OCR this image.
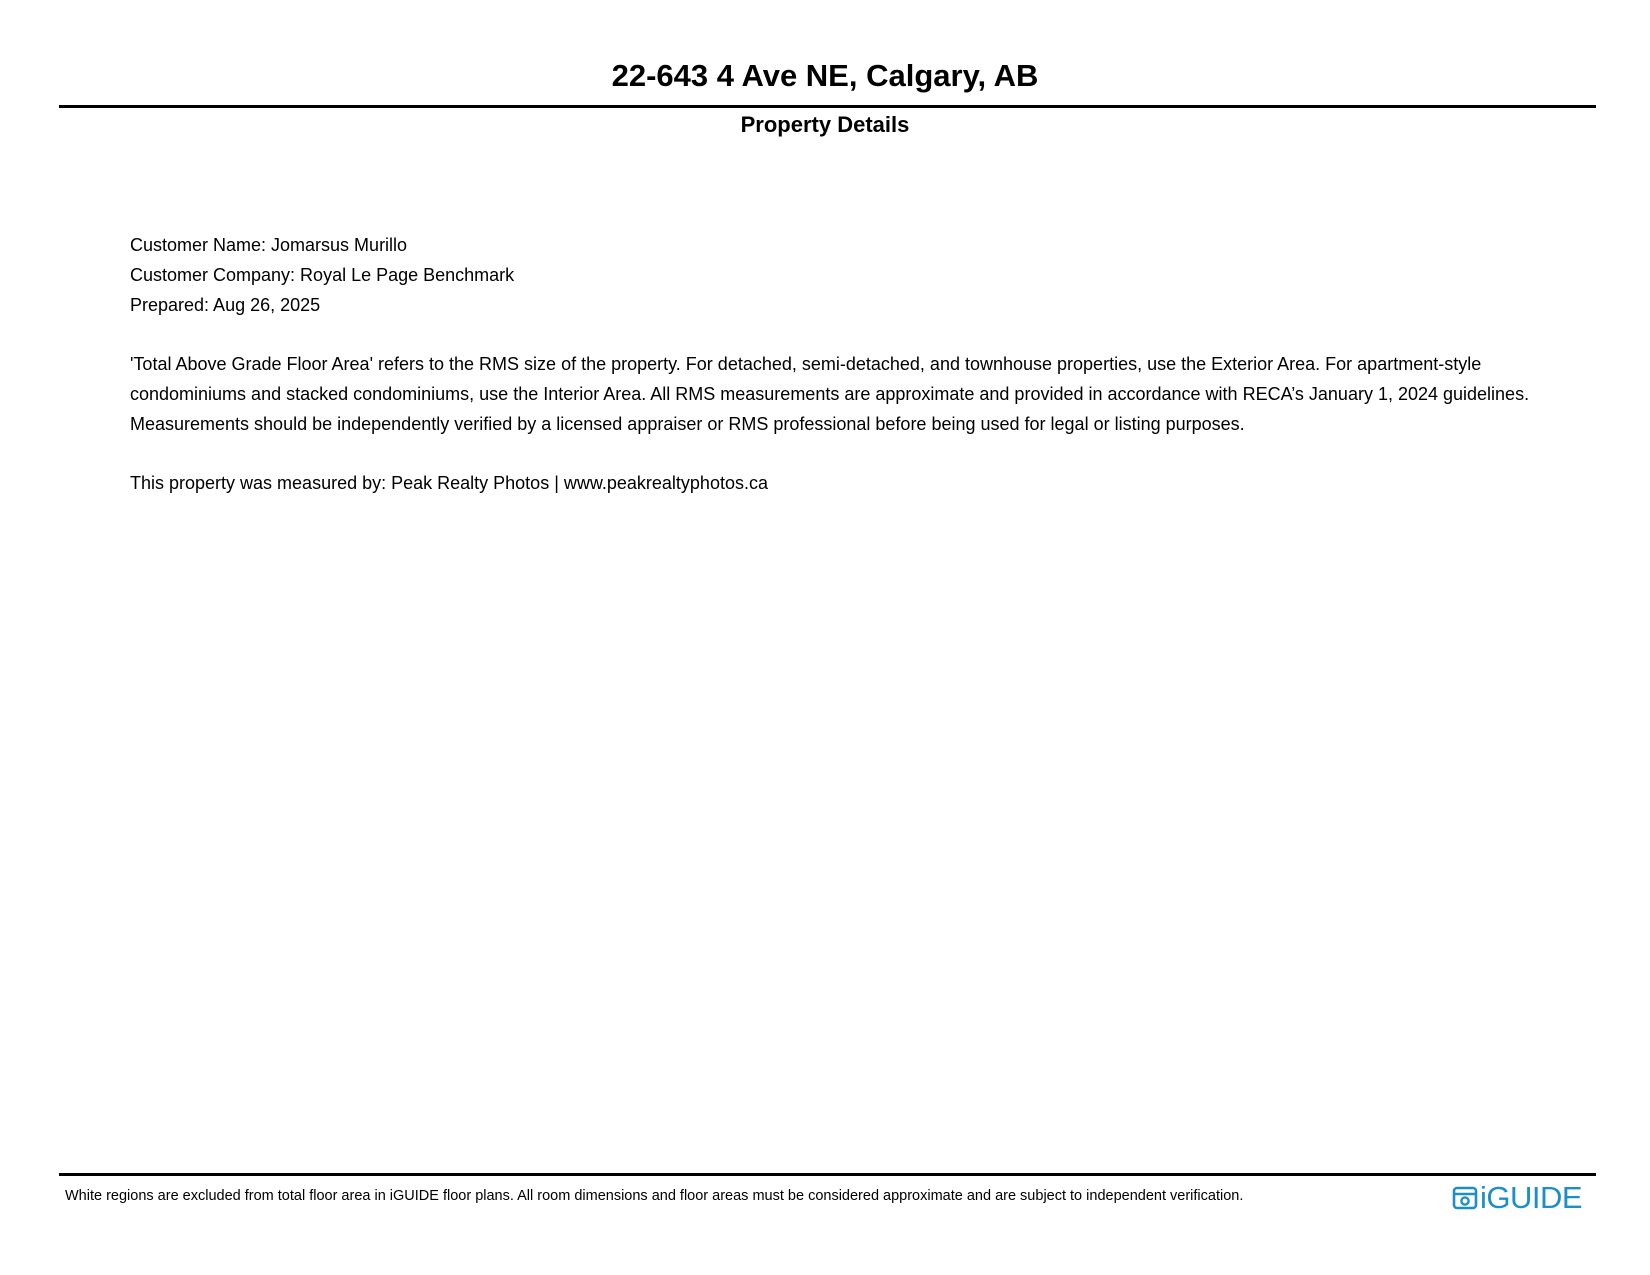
22-643 4 Ave NE, Calgary, AB
Property Details
Customer Name: Jomarsus Murillo
Customer Company: Royal Le Page Benchmark
Prepared: Aug 26, 2025
'Total Above Grade Floor Area' refers to the RMS size of the property. For detached, semi-detached, and townhouse properties, use the Exterior Area. For apartment-style condominiums and stacked condominiums, use the Interior Area. All RMS measurements are approximate and provided in accordance with RECA’s January 1, 2024 guidelines. Measurements should be independently verified by a licensed appraiser or RMS professional before being used for legal or listing purposes.
This property was measured by: Peak Realty Photos | www.peakrealtyphotos.ca
White regions are excluded from total floor area in iGUIDE floor plans. All room dimensions and floor areas must be considered approximate and are subject to independent verification.	iGUIDE
